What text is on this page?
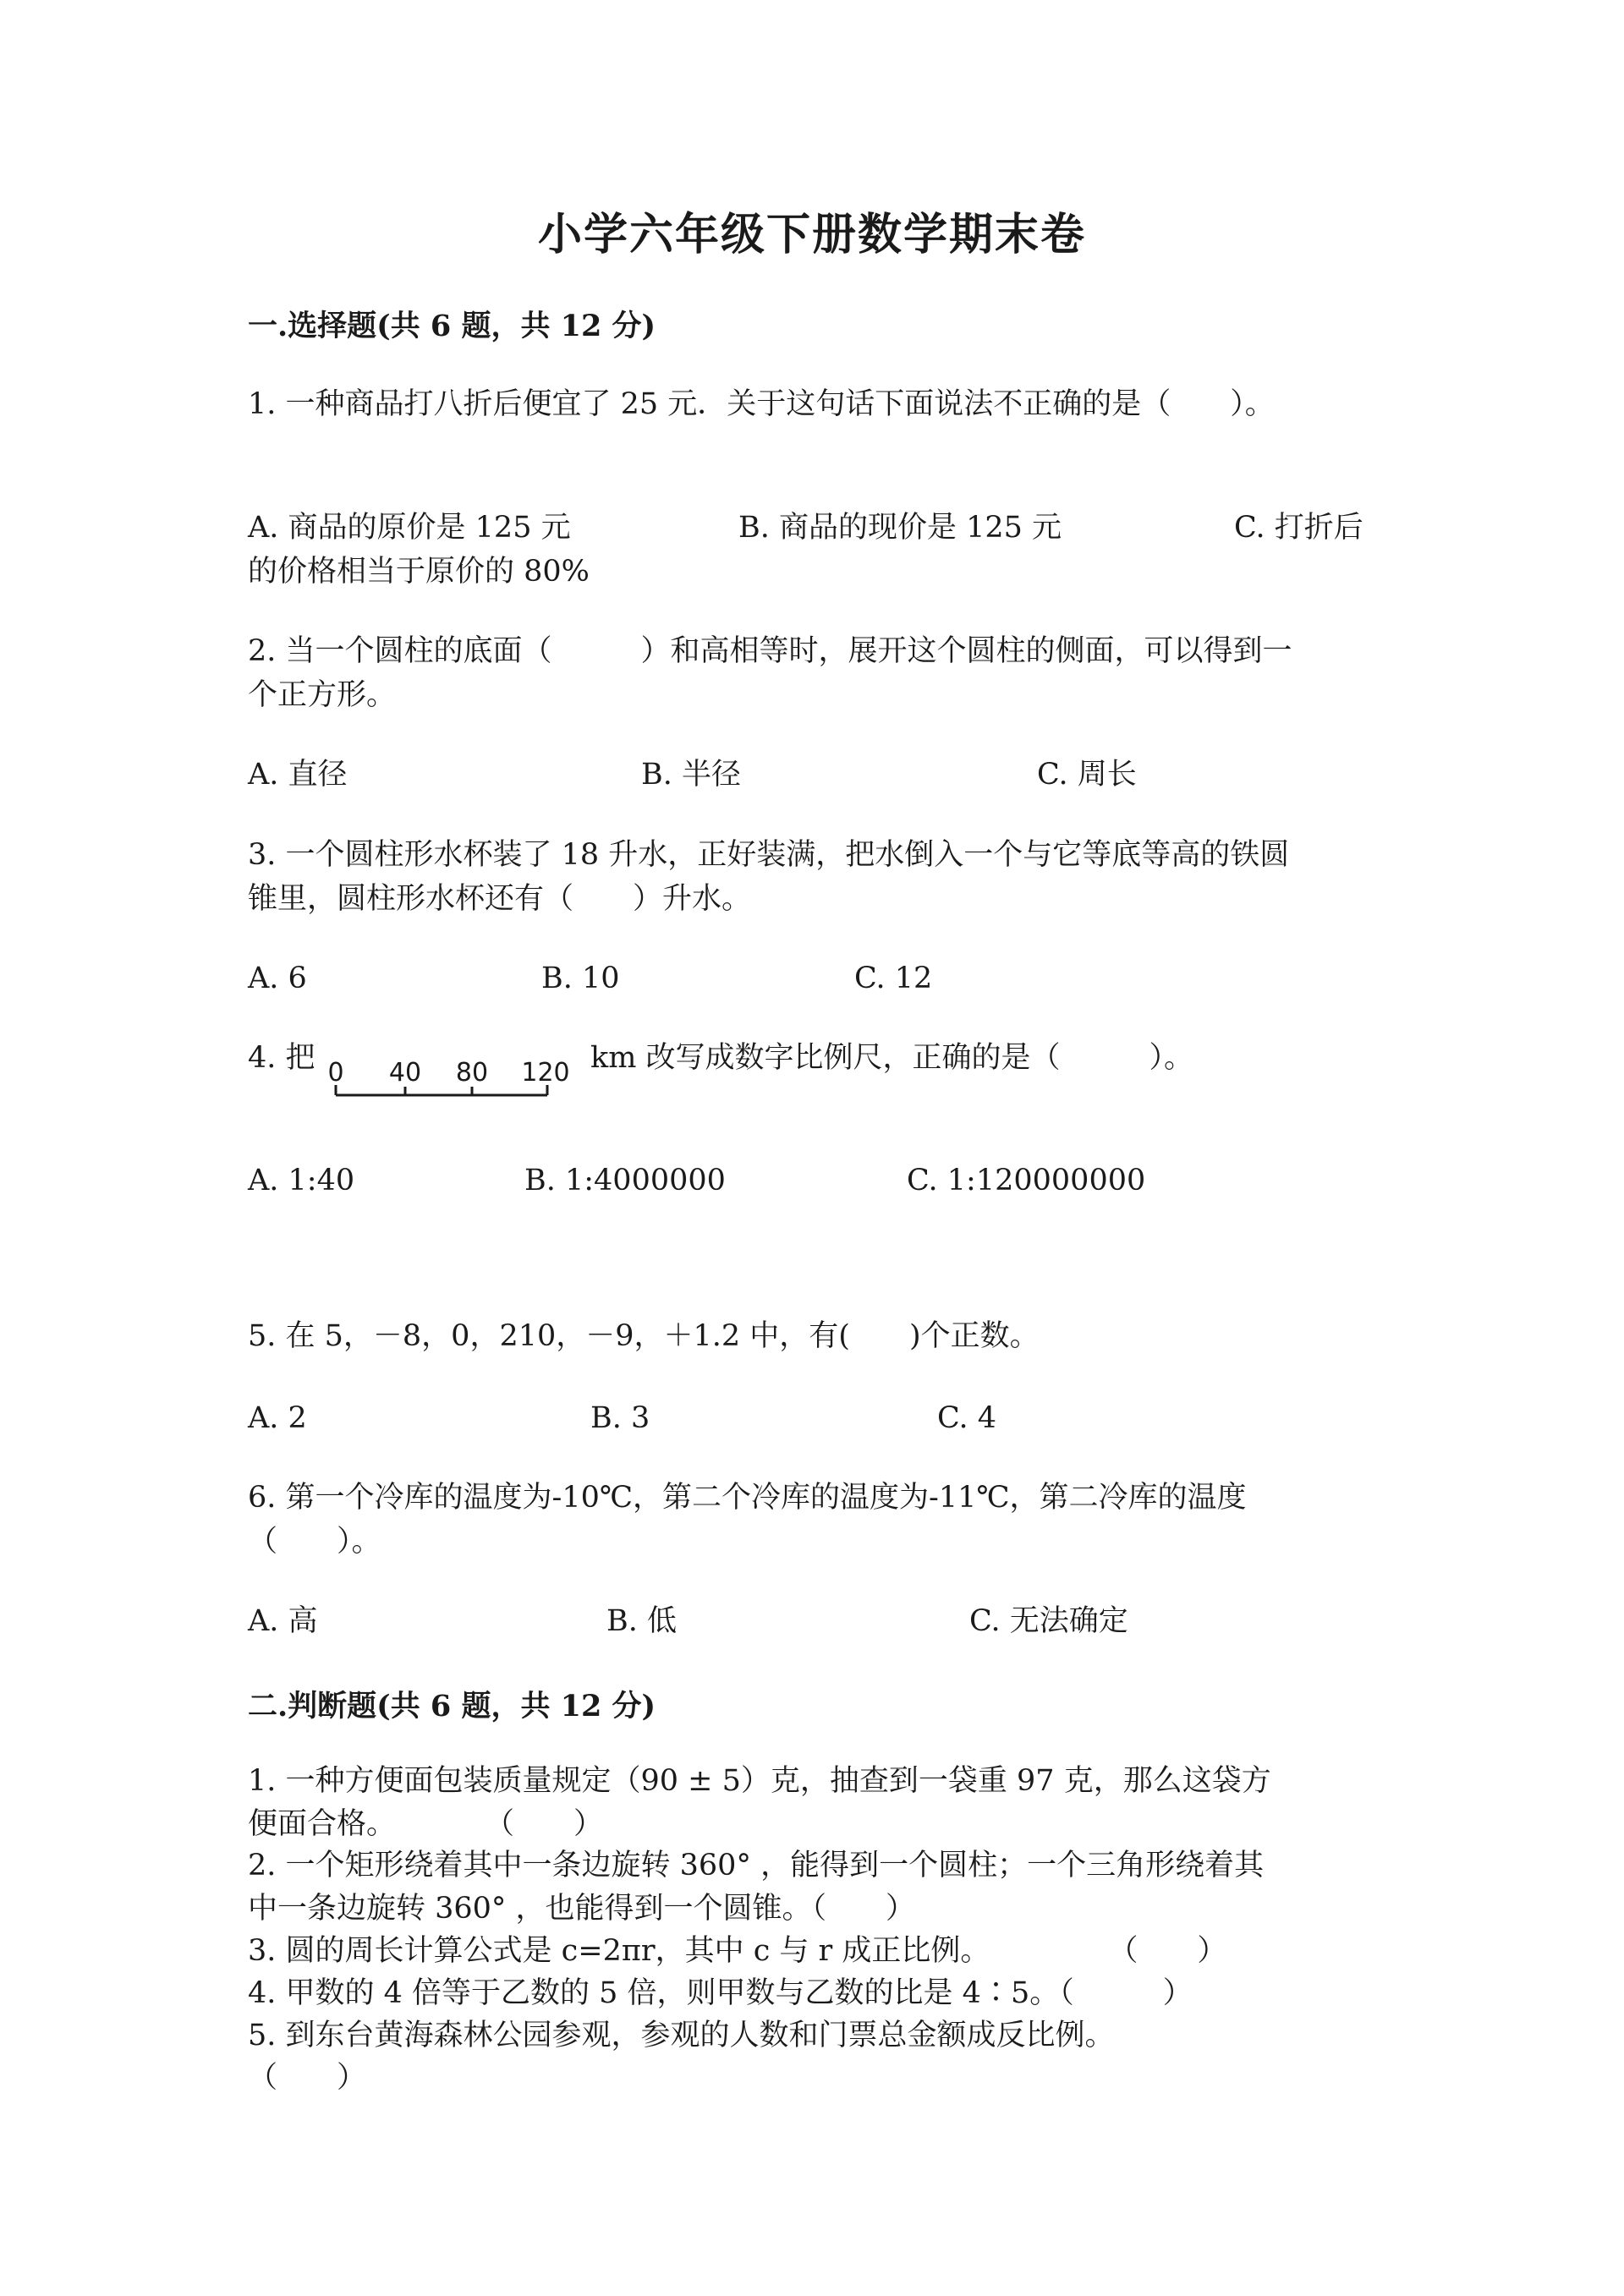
小学六年级下册数学期末卷
一.选择题(共 6 题，共 12 分)
1. 一种商品打八折后便宜了 25 元．关于这句话下面说法不正确的是（　　）。
A. 商品的原价是 125 元	B. 商品的现价是 125 元	C. 打折后
的价格相当于原价的 80%
2. 当一个圆柱的底面（　　　）和高相等时，展开这个圆柱的侧面，可以得到一
个正方形。
A. 直径	B. 半径	C. 周长
3. 一个圆柱形水杯装了 18 升水，正好装满，把水倒入一个与它等底等高的铁圆
锥里，圆柱形水杯还有（　　）升水。
A. 6	B. 10	C. 12
4. 把 0 40 80 120 km 改写成数字比例尺，正确的是（　　　）。
A. 1:40	B. 1:4000000	C. 1:120000000
5. 在 5，－8，0，210，－9，＋1.2 中，有(　　)个正数。
A. 2	B. 3	C. 4
6. 第一个冷库的温度为-10℃，第二个冷库的温度为-11℃，第二冷库的温度
（　　）。
A. 高	B. 低	C. 无法确定
二.判断题(共 6 题，共 12 分)
1. 一种方便面包装质量规定（90 ± 5）克，抽查到一袋重 97 克，那么这袋方
便面合格。　　　　（　　）
2. 一个矩形绕着其中一条边旋转 360° ，能得到一个圆柱；一个三角形绕着其
中一条边旋转 360° ，也能得到一个圆锥。（　　）
3. 圆的周长计算公式是 c=2πr，其中 c 与 r 成正比例。　　　　　（　　）
4. 甲数的 4 倍等于乙数的 5 倍，则甲数与乙数的比是 4∶5。（　　　）
5. 到东台黄海森林公园参观，参观的人数和门票总金额成反比例。
（　　）
